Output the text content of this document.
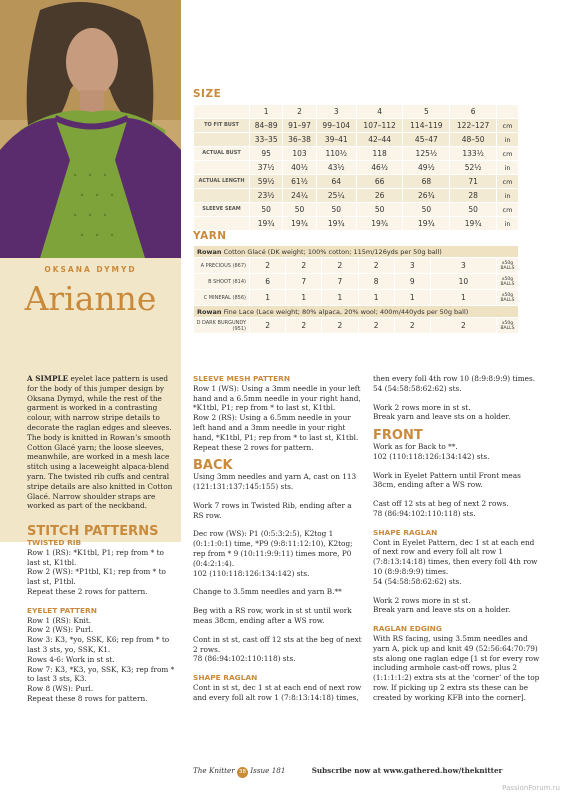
OKSANA DYMYD
Arianne
SIZE
	1	2	3	4	5	6	
TO FIT BUST	84–89	91–97	99–104	107–112	114–119	122–127	cm
	33–35	36–38	39–41	42–44	45–47	48–50	in
ACTUAL BUST	95	103	110½	118	125½	133½	cm
	37½	40½	43½	46½	49½	52½	in
ACTUAL LENGTH	59½	61½	64	66	68	71	cm
	23½	24¼	25¼	26	26¾	28	in
SLEEVE SEAM	50	50	50	50	50	50	cm
	19¾	19¾	19¾	19¾	19¾	19¾	in
YARN
Rowan Cotton Glacé (DK weight; 100% cotton; 115m/126yds per 50g ball)							
A PRECIOUS (867)	2	2	2	2	3	3	x50g BALLS
B SHOOT (814)	6	7	7	8	9	10	x50g BALLS
C MINERAL (856)	1	1	1	1	1	1	x50g BALLS
Rowan Fine Lace (Lace weight; 80% alpaca, 20% wool; 400m/440yds per 50g ball)							
D DARK BURGUNDY (951)	2	2	2	2	2	2	x50g BALLS

A SIMPLE eyelet lace pattern is used for the body of this jumper design by Oksana Dymyd, while the rest of the garment is worked in a contrasting colour, with narrow stripe details to decorate the raglan edges and sleeves. The body is knitted in Rowan’s smooth Cotton Glacé yarn; the loose sleeves, meanwhile, are worked in a mesh lace stitch using a laceweight alpaca-blend yarn. The twisted rib cuffs and central stripe details are also knitted in Cotton Glacé. Narrow shoulder straps are worked as part of the neckband.

STITCH PATTERNS

TWISTED RIB

Row 1 (RS): *K1tbl, P1; rep from * to last st, K1tbl.
Row 2 (WS): *P1tbl, K1; rep from * to last st, P1tbl.
Repeat these 2 rows for pattern.

EYELET PATTERN

Row 1 (RS): Knit.
Row 2 (WS): Purl.
Row 3: K3, *yo, SSK, K6; rep from * to last 3 sts, yo, SSK, K1.
Rows 4-6: Work in st st.
Row 7: K3, *K3, yo, SSK, K3; rep from * to last 3 sts, K3.
Row 8 (WS): Purl.
Repeat these 8 rows for pattern.

SLEEVE MESH PATTERN

Row 1 (WS): Using a 3mm needle in your left hand and a 6.5mm needle in your right hand, *K1tbl, P1; rep from * to last st, K1tbl.
Row 2 (RS): Using a 6.5mm needle in your left hand and a 3mm needle in your right hand, *K1tbl, P1; rep from * to last st, K1tbl.
Repeat these 2 rows for pattern.

BACK

Using 3mm needles and yarn A, cast on 113 (121:131:137:145:155) sts.

Work 7 rows in Twisted Rib, ending after a RS row.

Dec row (WS): P1 (0:5:3:2:5), K2tog 1 (0:1:1:0:1) time, *P9 (9:8:11:12:10), K2tog; rep from * 9 (10:11:9:9:11) times more, P0 (0:4:2:1:4).
102 (110:118:126:134:142) sts.

Change to 3.5mm needles and yarn B.**

Beg with a RS row, work in st st until work meas 38cm, ending after a WS row.

Cont in st st, cast off 12 sts at the beg of next 2 rows.
78 (86:94:102:110:118) sts.

SHAPE RAGLAN

Cont in st st, dec 1 st at each end of next row and every foll alt row 1 (7:8:13:14:18) times,

then every foll 4th row 10 (8:9:8:9:9) times.
54 (54:58:58:62:62) sts.

Work 2 rows more in st st.
Break yarn and leave sts on a holder.

FRONT

Work as for Back to **.
102 (110:118:126:134:142) sts.

Work in Eyelet Pattern until Front meas 38cm, ending after a WS row.

Cast off 12 sts at beg of next 2 rows.
78 (86:94:102:110:118) sts.

SHAPE RAGLAN

Cont in Eyelet Pattern, dec 1 st at each end of next row and every foll alt row 1 (7:8:13:14:18) times, then every foll 4th row 10 (8:9:8:9:9) times.
54 (54:58:58:62:62) sts.

Work 2 rows more in st st.
Break yarn and leave sts on a holder.

RAGLAN EDGING

With RS facing, using 3.5mm needles and yarn A, pick up and knit 49 (52:56:64:70:79) sts along one raglan edge [1 st for every row including armhole cast-off rows, plus 2 (1:1:1:1:2) extra sts at the ‘corner’ of the top row. If picking up 2 extra sts these can be created by working KFB into the corner].

The Knitter 38 Issue 181	Subscribe now at www.gathered.how/theknitter
PassionForum.ru
